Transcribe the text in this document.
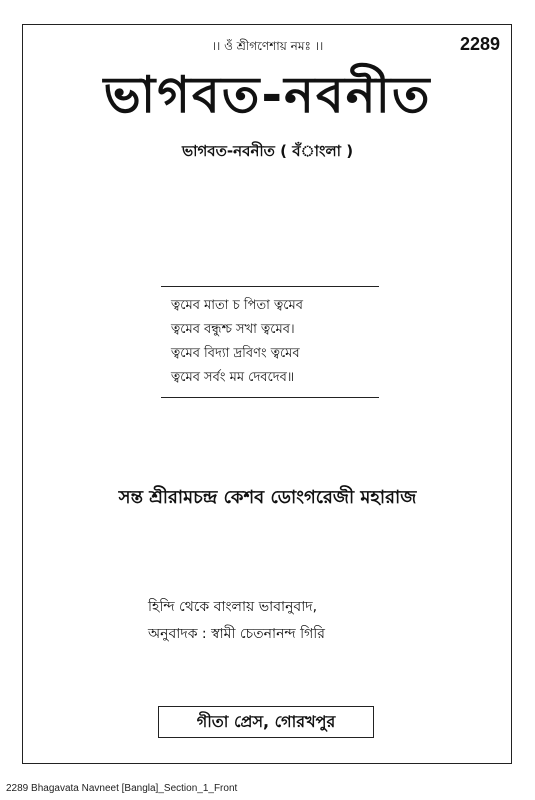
।। ওঁ শ্রীগণেশায় নমঃ ।।	2289
ভাগবত-নবনীত
ভাগবত-নবনীত ( বঁাংলা )
ত্বমেব মাতা চ পিতা ত্বমেব
ত্বমেব বন্ধুশ্চ সখা ত্বমেব।
ত্বমেব বিদ্যা দ্রবিণং ত্বমেব
ত্বমেব সর্বং মম দেবদেব॥
সন্ত শ্রীরামচন্দ্র কেশব ডোংগরেজী মহারাজ
হিন্দি থেকে বাংলায় ভাবানুবাদ,
অনুবাদক : স্বামী চেতনানন্দ গিরি
গীতা প্রেস, গোরখপুর
2289 Bhagavata Navneet [Bangla]_Section_1_Front
